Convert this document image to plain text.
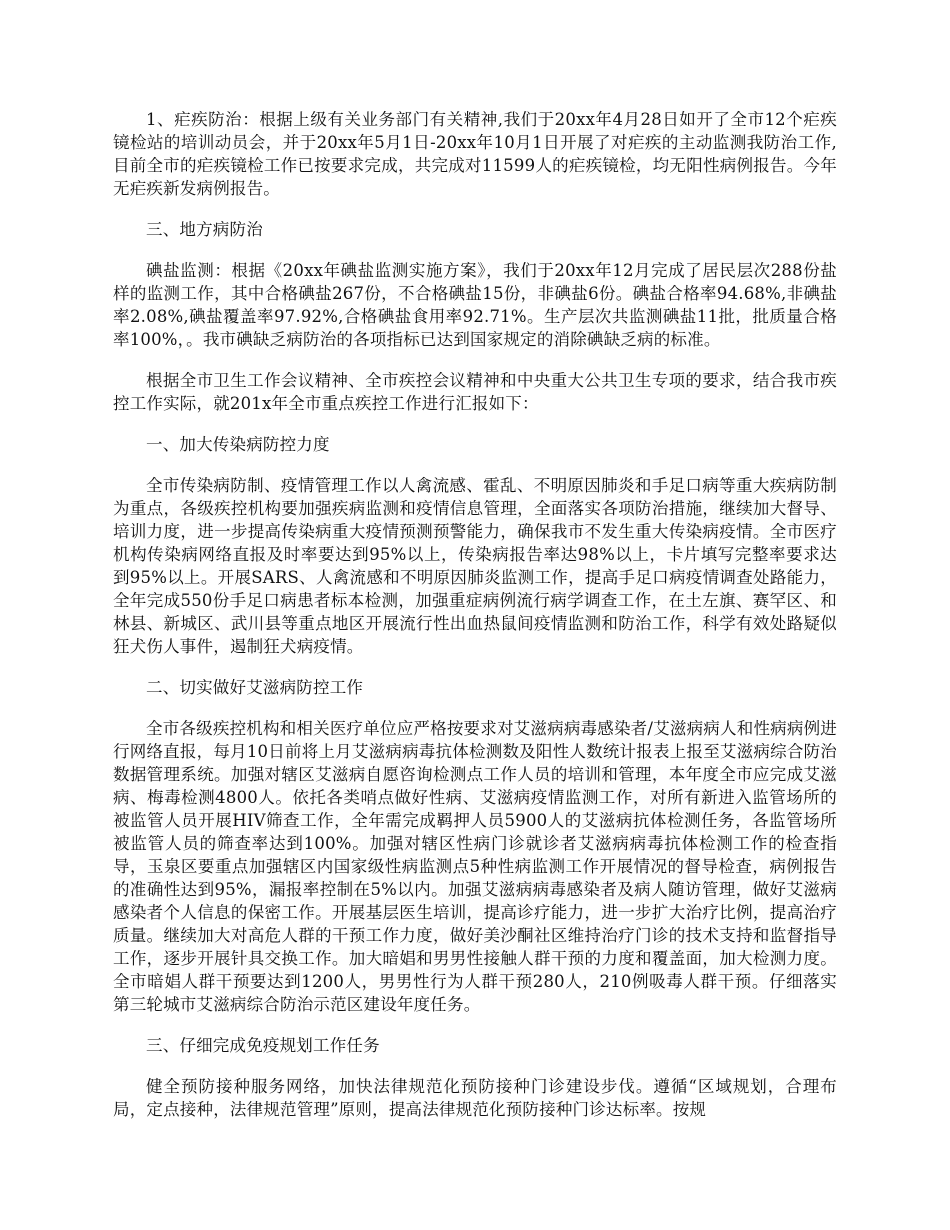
1、疟疾防治：根据上级有关业务部门有关精神,我们于20xx年4月28日如开了全市12个疟疾镜检站的培训动员会，并于20xx年5月1日-20xx年10月1日开展了对疟疾的主动监测我防治工作,目前全市的疟疾镜检工作已按要求完成，共完成对11599人的疟疾镜检，均无阳性病例报告。今年无疟疾新发病例报告。

三、地方病防治

碘盐监测：根据《20xx年碘盐监测实施方案》，我们于20xx年12月完成了居民层次288份盐样的监测工作，其中合格碘盐267份，不合格碘盐15份，非碘盐6份。碘盐合格率94.68%,非碘盐率2.08%,碘盐覆盖率97.92%,合格碘盐食用率92.71%。生产层次共监测碘盐11批，批质量合格率100%，。我市碘缺乏病防治的各项指标已达到国家规定的消除碘缺乏病的标准。

根据全市卫生工作会议精神、全市疾控会议精神和中央重大公共卫生专项的要求，结合我市疾控工作实际，就201x年全市重点疾控工作进行汇报如下：

一、加大传染病防控力度

全市传染病防制、疫情管理工作以人禽流感、霍乱、不明原因肺炎和手足口病等重大疾病防制为重点，各级疾控机构要加强疾病监测和疫情信息管理，全面落实各项防治措施，继续加大督导、培训力度，进一步提高传染病重大疫情预测预警能力，确保我市不发生重大传染病疫情。全市医疗机构传染病网络直报及时率要达到95%以上，传染病报告率达98%以上，卡片填写完整率要求达到95%以上。开展SARS、人禽流感和不明原因肺炎监测工作，提高手足口病疫情调查处路能力，全年完成550份手足口病患者标本检测，加强重症病例流行病学调查工作，在土左旗、赛罕区、和林县、新城区、武川县等重点地区开展流行性出血热鼠间疫情监测和防治工作，科学有效处路疑似狂犬伤人事件，遏制狂犬病疫情。

二、切实做好艾滋病防控工作

全市各级疾控机构和相关医疗单位应严格按要求对艾滋病病毒感染者/艾滋病病人和性病病例进行网络直报，每月10日前将上月艾滋病病毒抗体检测数及阳性人数统计报表上报至艾滋病综合防治数据管理系统。加强对辖区艾滋病自愿咨询检测点工作人员的培训和管理，本年度全市应完成艾滋病、梅毒检测4800人。依托各类哨点做好性病、艾滋病疫情监测工作，对所有新进入监管场所的被监管人员开展HIV筛查工作，全年需完成羁押人员5900人的艾滋病抗体检测任务，各监管场所被监管人员的筛查率达到100%。加强对辖区性病门诊就诊者艾滋病病毒抗体检测工作的检查指导，玉泉区要重点加强辖区内国家级性病监测点5种性病监测工作开展情况的督导检查，病例报告的准确性达到95%，漏报率控制在5%以内。加强艾滋病病毒感染者及病人随访管理，做好艾滋病感染者个人信息的保密工作。开展基层医生培训，提高诊疗能力，进一步扩大治疗比例，提高治疗质量。继续加大对高危人群的干预工作力度，做好美沙酮社区维持治疗门诊的技术支持和监督指导工作，逐步开展针具交换工作。加大暗娼和男男性接触人群干预的力度和覆盖面，加大检测力度。全市暗娼人群干预要达到1200人，男男性行为人群干预280人，210例吸毒人群干预。仔细落实第三轮城市艾滋病综合防治示范区建设年度任务。

三、仔细完成免疫规划工作任务

健全预防接种服务网络，加快法律规范化预防接种门诊建设步伐。遵循“区域规划，合理布局，定点接种，法律规范管理”原则，提高法律规范化预防接种门诊达标率。按规
